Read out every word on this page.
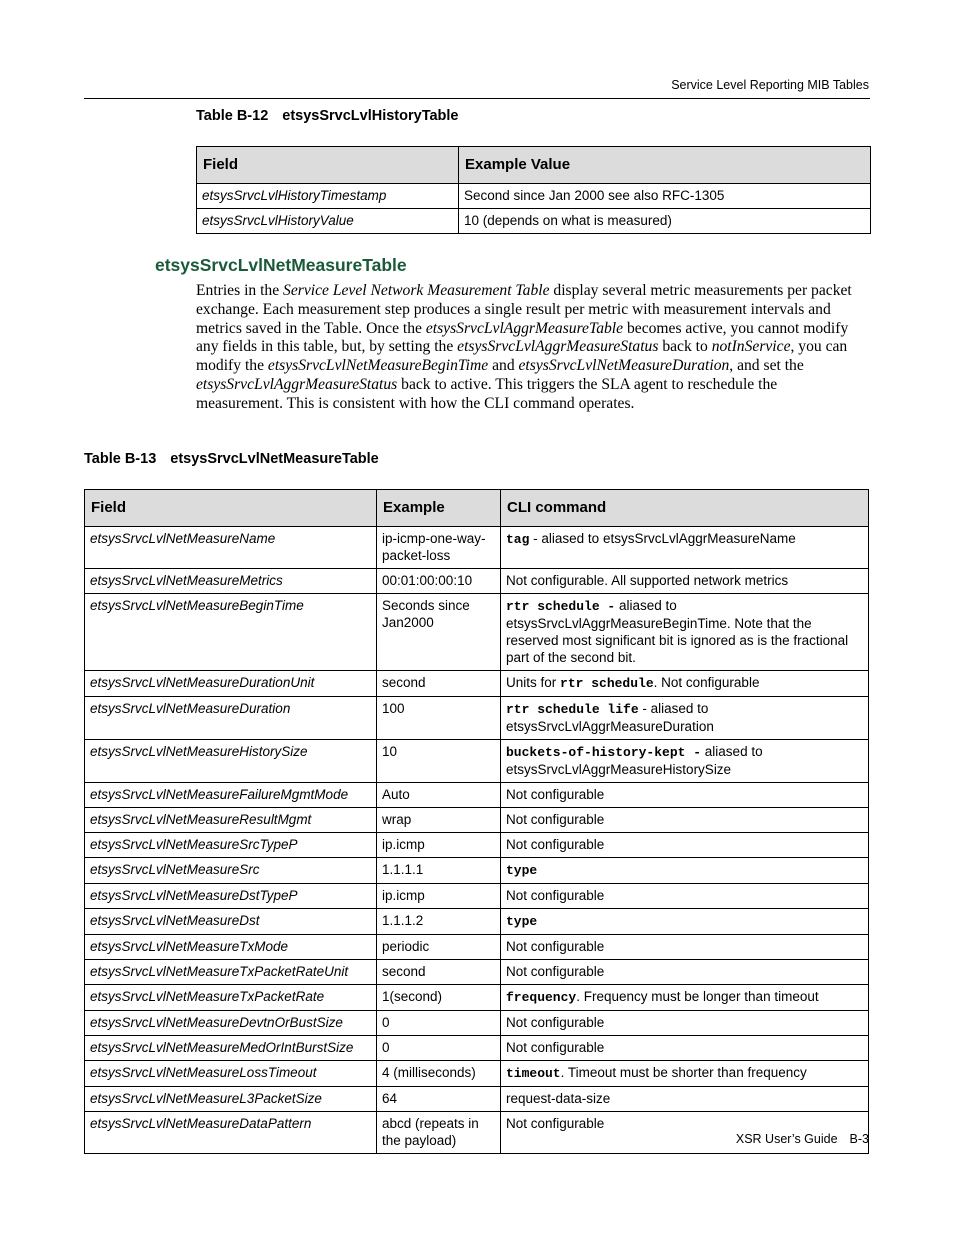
Service Level Reporting MIB Tables
Table B-12 etsysSrvcLvlHistoryTable
Field	Example Value
etsysSrvcLvlHistoryTimestamp	Second since Jan 2000 see also RFC-1305
etsysSrvcLvlHistoryValue	10 (depends on what is measured)
etsysSrvcLvlNetMeasureTable
Entries in the Service Level Network Measurement Table display several metric measurements per packet exchange. Each measurement step produces a single result per metric with measurement intervals and metrics saved in the Table. Once the etsysSrvcLvlAggrMeasureTable becomes active, you cannot modify any fields in this table, but, by setting the etsysSrvcLvlAggrMeasureStatus back to notInService, you can modify the etsysSrvcLvlNetMeasureBeginTime and etsysSrvcLvlNetMeasureDuration, and set the etsysSrvcLvlAggrMeasureStatus back to active. This triggers the SLA agent to reschedule the measurement. This is consistent with how the CLI command operates.
Table B-13 etsysSrvcLvlNetMeasureTable
Field	Example	CLI command
etsysSrvcLvlNetMeasureName	ip-icmp-one-way-packet-loss	tag - aliased to etsysSrvcLvlAggrMeasureName
etsysSrvcLvlNetMeasureMetrics	00:01:00:00:10	Not configurable. All supported network metrics
etsysSrvcLvlNetMeasureBeginTime	Seconds since Jan2000	rtr schedule - aliased to etsysSrvcLvlAggrMeasureBeginTime. Note that the reserved most significant bit is ignored as is the fractional part of the second bit.
etsysSrvcLvlNetMeasureDurationUnit	second	Units for rtr schedule. Not configurable
etsysSrvcLvlNetMeasureDuration	100	rtr schedule life - aliased to etsysSrvcLvlAggrMeasureDuration
etsysSrvcLvlNetMeasureHistorySize	10	buckets-of-history-kept - aliased to etsysSrvcLvlAggrMeasureHistorySize
etsysSrvcLvlNetMeasureFailureMgmtMode	Auto	Not configurable
etsysSrvcLvlNetMeasureResultMgmt	wrap	Not configurable
etsysSrvcLvlNetMeasureSrcTypeP	ip.icmp	Not configurable
etsysSrvcLvlNetMeasureSrc	1.1.1.1	type
etsysSrvcLvlNetMeasureDstTypeP	ip.icmp	Not configurable
etsysSrvcLvlNetMeasureDst	1.1.1.2	type
etsysSrvcLvlNetMeasureTxMode	periodic	Not configurable
etsysSrvcLvlNetMeasureTxPacketRateUnit	second	Not configurable
etsysSrvcLvlNetMeasureTxPacketRate	1(second)	frequency. Frequency must be longer than timeout
etsysSrvcLvlNetMeasureDevtnOrBustSize	0	Not configurable
etsysSrvcLvlNetMeasureMedOrIntBurstSize	0	Not configurable
etsysSrvcLvlNetMeasureLossTimeout	4 (milliseconds)	timeout. Timeout must be shorter than frequency
etsysSrvcLvlNetMeasureL3PacketSize	64	request-data-size
etsysSrvcLvlNetMeasureDataPattern	abcd (repeats in the payload)	Not configurable
XSR User’s Guide B-3
